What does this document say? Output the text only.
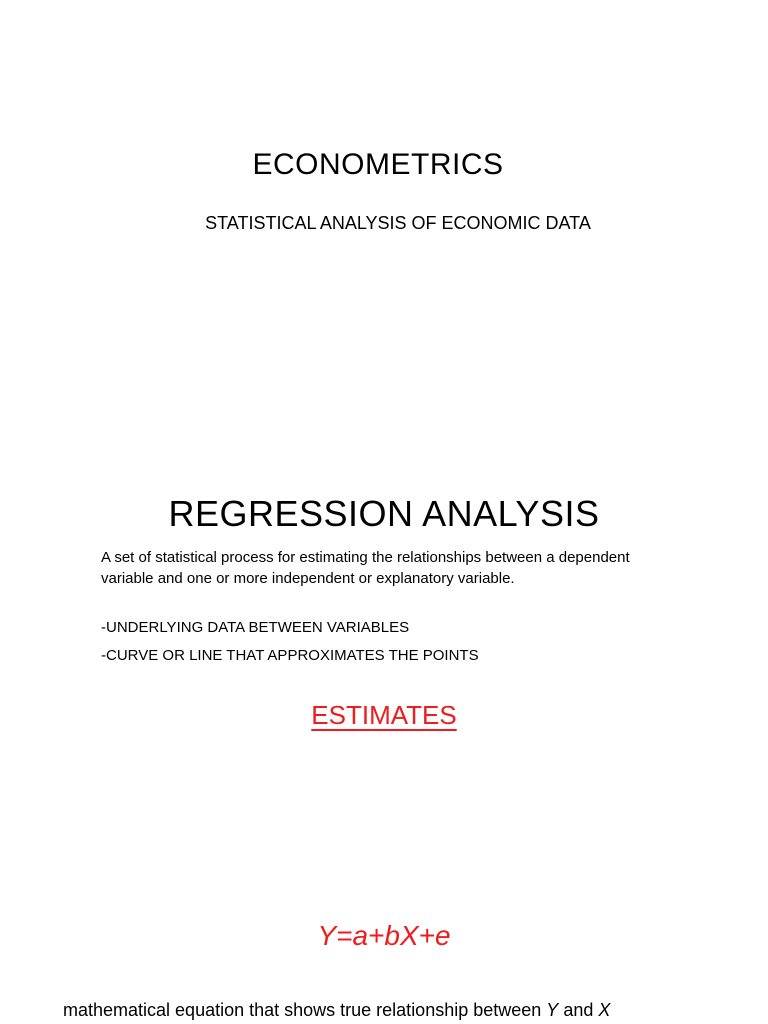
ECONOMETRICS

STATISTICAL ANALYSIS OF ECONOMIC DATA

REGRESSION ANALYSIS

A set of statistical process for estimating the relationships between a dependent variable and one or more independent or explanatory variable.

-UNDERLYING DATA BETWEEN VARIABLES

-CURVE OR LINE THAT APPROXIMATES THE POINTS

ESTIMATES

Y=a+bX+e

mathematical equation that shows true relationship between Y and X
